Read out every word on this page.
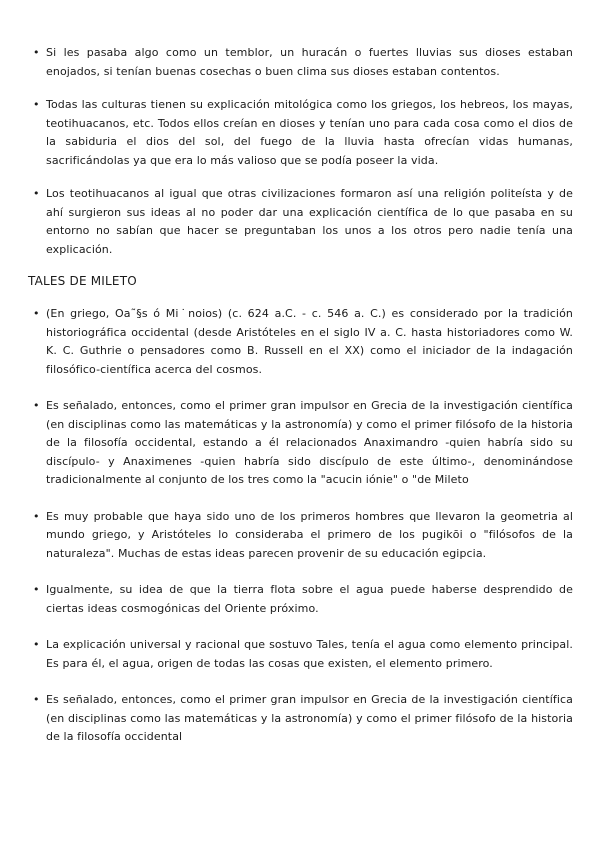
• Si les pasaba algo como un temblor, un huracán o fuertes lluvias sus dioses estaban enojados, si tenían buenas cosechas o buen clima sus dioses estaban contentos.
• Todas las culturas tienen su explicación mitológica como los griegos, los hebreos, los mayas, teotihuacanos, etc. Todos ellos creían en dioses y tenían uno para cada cosa como el dios de la sabiduria el dios del sol, del fuego de la lluvia hasta ofrecían vidas humanas, sacrificándolas ya que era lo más valioso que se podía poseer la vida.
• Los teotihuacanos al igual que otras civilizaciones formaron así una religión politeísta y de ahí surgieron sus ideas al no poder dar una explicación científica de lo que pasaba en su entorno no sabían que hacer se preguntaban los unos a los otros pero nadie tenía una explicación.
TALES DE MILETO
• (En griego, Oa˜§s ó Mi˙noios) (c. 624 a.C. - c. 546 a. C.) es considerado por la tradición historiográfica occidental (desde Aristóteles en el siglo IV a. C. hasta historiadores como W. K. C. Guthrie o pensadores como B. Russell en el XX) como el iniciador de la indagación filosófico-científica acerca del cosmos.
• Es señalado, entonces, como el primer gran impulsor en Grecia de la investigación científica (en disciplinas como las matemáticas y la astronomía) y como el primer filósofo de la historia de la filosofía occidental, estando a él relacionados Anaximandro -quien habría sido su discípulo- y Anaximenes -quien habría sido discípulo de este último-, denominándose tradicionalmente al conjunto de los tres como la "acucin iónie" o "de Mileto
• Es muy probable que haya sido uno de los primeros hombres que llevaron la geometria al mundo griego, y Aristóteles lo consideraba el primero de los pugikōi o "filósofos de la naturaleza". Muchas de estas ideas parecen provenir de su educación egipcia.
• Igualmente, su idea de que la tierra flota sobre el agua puede haberse desprendido de ciertas ideas cosmogónicas del Oriente próximo.
• La explicación universal y racional que sostuvo Tales, tenía el agua como elemento principal. Es para él, el agua, origen de todas las cosas que existen, el elemento primero.
• Es señalado, entonces, como el primer gran impulsor en Grecia de la investigación científica (en disciplinas como las matemáticas y la astronomía) y como el primer filósofo de la historia de la filosofía occidental
